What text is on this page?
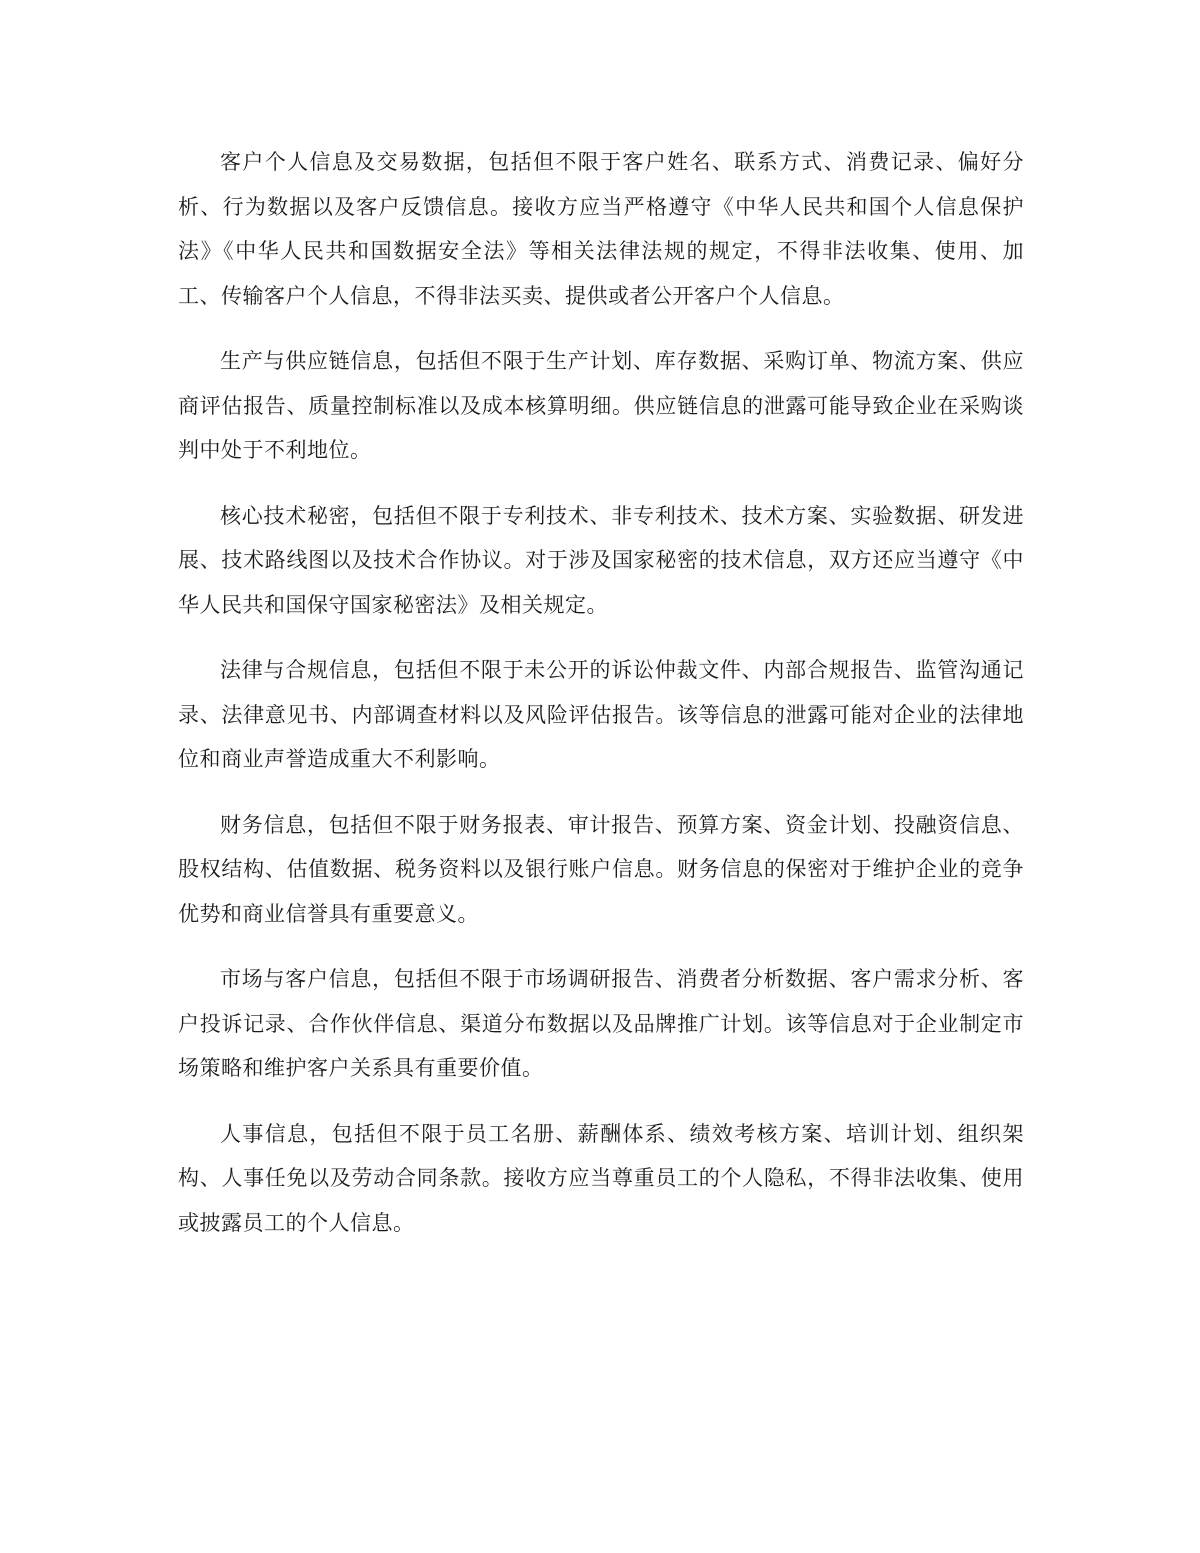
客户个人信息及交易数据，包括但不限于客户姓名、联系方式、消费记录、偏好分析、行为数据以及客户反馈信息。接收方应当严格遵守《中华人民共和国个人信息保护法》《中华人民共和国数据安全法》等相关法律法规的规定，不得非法收集、使用、加工、传输客户个人信息，不得非法买卖、提供或者公开客户个人信息。

生产与供应链信息，包括但不限于生产计划、库存数据、采购订单、物流方案、供应商评估报告、质量控制标准以及成本核算明细。供应链信息的泄露可能导致企业在采购谈判中处于不利地位。

核心技术秘密，包括但不限于专利技术、非专利技术、技术方案、实验数据、研发进展、技术路线图以及技术合作协议。对于涉及国家秘密的技术信息，双方还应当遵守《中华人民共和国保守国家秘密法》及相关规定。

法律与合规信息，包括但不限于未公开的诉讼仲裁文件、内部合规报告、监管沟通记录、法律意见书、内部调查材料以及风险评估报告。该等信息的泄露可能对企业的法律地位和商业声誉造成重大不利影响。

财务信息，包括但不限于财务报表、审计报告、预算方案、资金计划、投融资信息、股权结构、估值数据、税务资料以及银行账户信息。财务信息的保密对于维护企业的竞争优势和商业信誉具有重要意义。

市场与客户信息，包括但不限于市场调研报告、消费者分析数据、客户需求分析、客户投诉记录、合作伙伴信息、渠道分布数据以及品牌推广计划。该等信息对于企业制定市场策略和维护客户关系具有重要价值。

人事信息，包括但不限于员工名册、薪酬体系、绩效考核方案、培训计划、组织架构、人事任免以及劳动合同条款。接收方应当尊重员工的个人隐私，不得非法收集、使用或披露员工的个人信息。
